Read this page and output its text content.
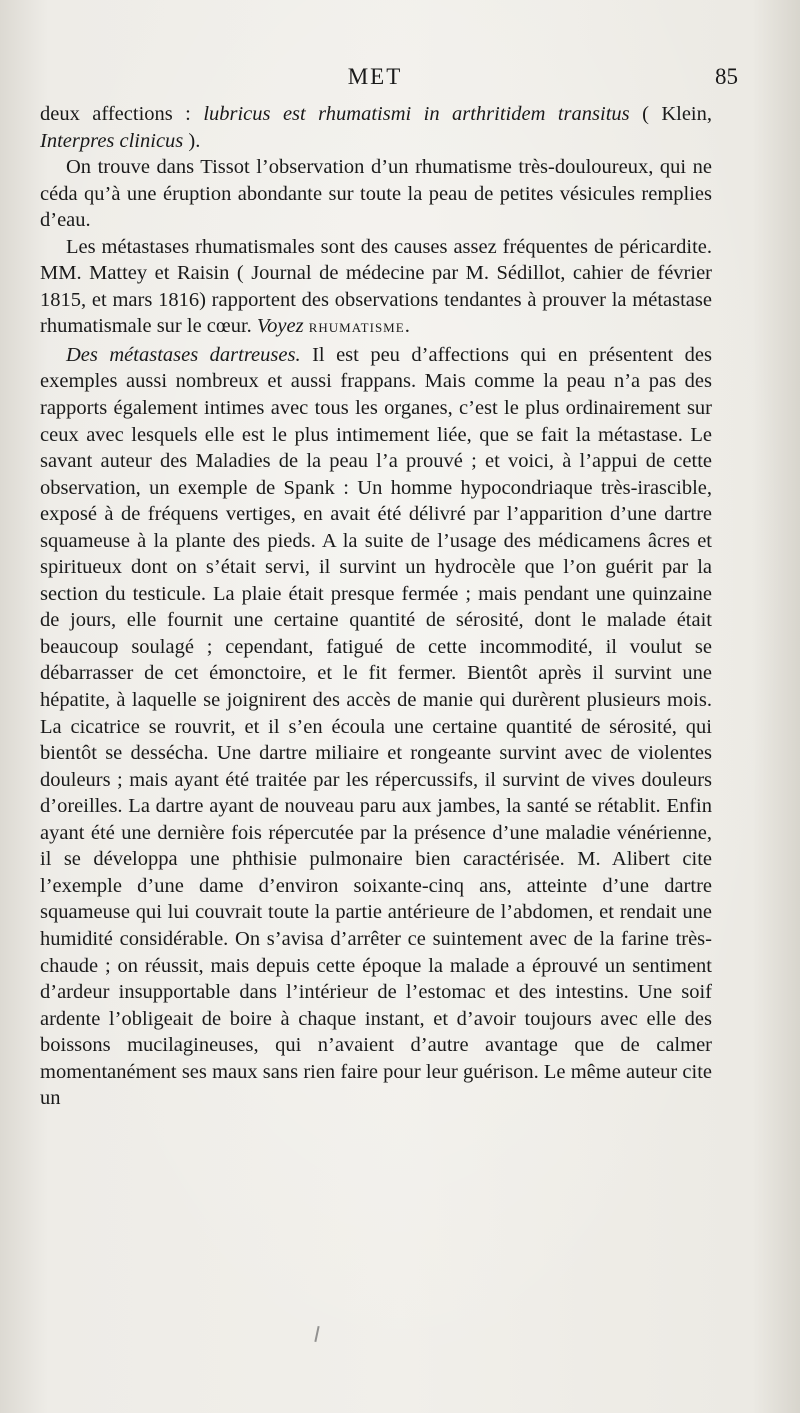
MET	85

deux affections : lubricus est rhumatismi in arthritidem transitus ( Klein, Interpres clinicus ).

On trouve dans Tissot l’observation d’un rhumatisme très-douloureux, qui ne céda qu’à une éruption abondante sur toute la peau de petites vésicules remplies d’eau.

Les métastases rhumatismales sont des causes assez fréquentes de péricardite. MM. Mattey et Raisin ( Journal de médecine par M. Sédillot, cahier de février 1815, et mars 1816) rapportent des observations tendantes à prouver la métastase rhumatismale sur le cœur. Voyez RHUMATISME.

Des métastases dartreuses. Il est peu d’affections qui en présentent des exemples aussi nombreux et aussi frappans. Mais comme la peau n’a pas des rapports également intimes avec tous les organes, c’est le plus ordinairement sur ceux avec lesquels elle est le plus intimement liée, que se fait la métastase. Le savant auteur des Maladies de la peau l’a prouvé ; et voici, à l’appui de cette observation, un exemple de Spank : Un homme hypocondriaque très-irascible, exposé à de fréquens vertiges, en avait été délivré par l’apparition d’une dartre squameuse à la plante des pieds. A la suite de l’usage des médicamens âcres et spiritueux dont on s’était servi, il survint un hydrocèle que l’on guérit par la section du testicule. La plaie était presque fermée ; mais pendant une quinzaine de jours, elle fournit une certaine quantité de sérosité, dont le malade était beaucoup soulagé ; cependant, fatigué de cette incommodité, il voulut se débarrasser de cet émonctoire, et le fit fermer. Bientôt après il survint une hépatite, à laquelle se joignirent des accès de manie qui durèrent plusieurs mois. La cicatrice se rouvrit, et il s’en écoula une certaine quantité de sérosité, qui bientôt se dessécha. Une dartre miliaire et rongeante survint avec de violentes douleurs ; mais ayant été traitée par les répercussifs, il survint de vives douleurs d’oreilles. La dartre ayant de nouveau paru aux jambes, la santé se rétablit. Enfin ayant été une dernière fois répercutée par la présence d’une maladie vénérienne, il se développa une phthisie pulmonaire bien caractérisée. M. Alibert cite l’exemple d’une dame d’environ soixante-cinq ans, atteinte d’une dartre squameuse qui lui couvrait toute la partie antérieure de l’abdomen, et rendait une humidité considérable. On s’avisa d’arrêter ce suintement avec de la farine très-chaude ; on réussit, mais depuis cette époque la malade a éprouvé un sentiment d’ardeur insupportable dans l’intérieur de l’estomac et des intestins. Une soif ardente l’obligeait de boire à chaque instant, et d’avoir toujours avec elle des boissons mucilagineuses, qui n’avaient d’autre avantage que de calmer momentanément ses maux sans rien faire pour leur guérison. Le même auteur cite un
